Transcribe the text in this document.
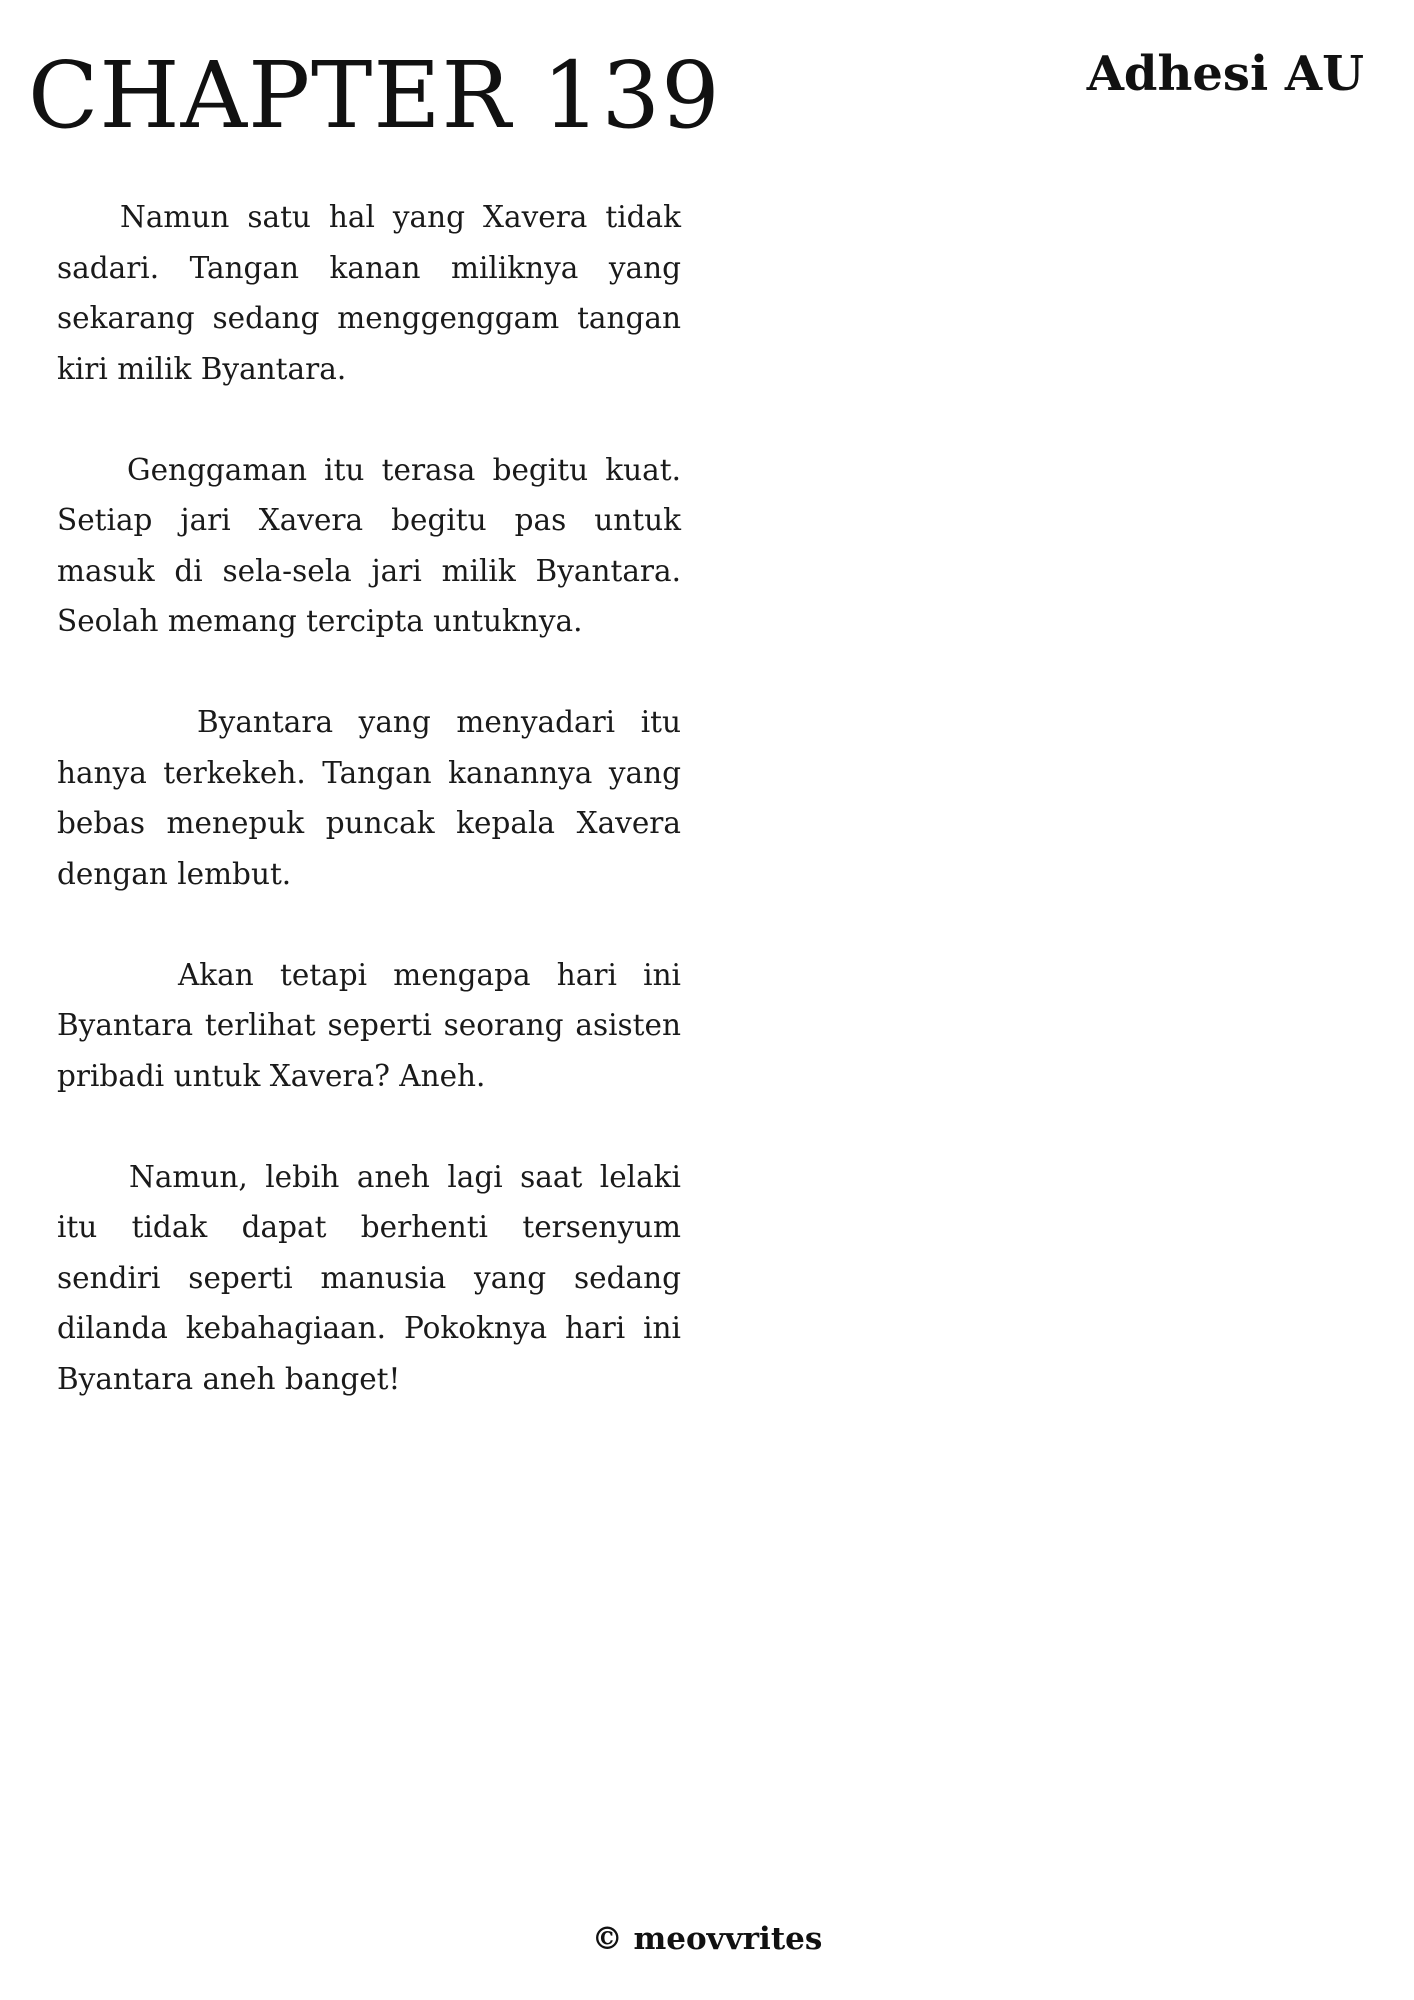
CHAPTER 139	Adhesi AU

Namun satu hal yang Xavera tidak sadari. Tangan kanan miliknya yang sekarang sedang menggenggam tangan kiri milik Byantara.

Genggaman itu terasa begitu kuat. Setiap jari Xavera begitu pas untuk masuk di sela-sela jari milik Byantara. Seolah memang tercipta untuknya.

Byantara yang menyadari itu hanya terkekeh. Tangan kanannya yang bebas menepuk puncak kepala Xavera dengan lembut.

Akan tetapi mengapa hari ini Byantara terlihat seperti seorang asisten pribadi untuk Xavera? Aneh.

Namun, lebih aneh lagi saat lelaki itu tidak dapat berhenti tersenyum sendiri seperti manusia yang sedang dilanda kebahagiaan. Pokoknya hari ini Byantara aneh banget!

© meovvrites
